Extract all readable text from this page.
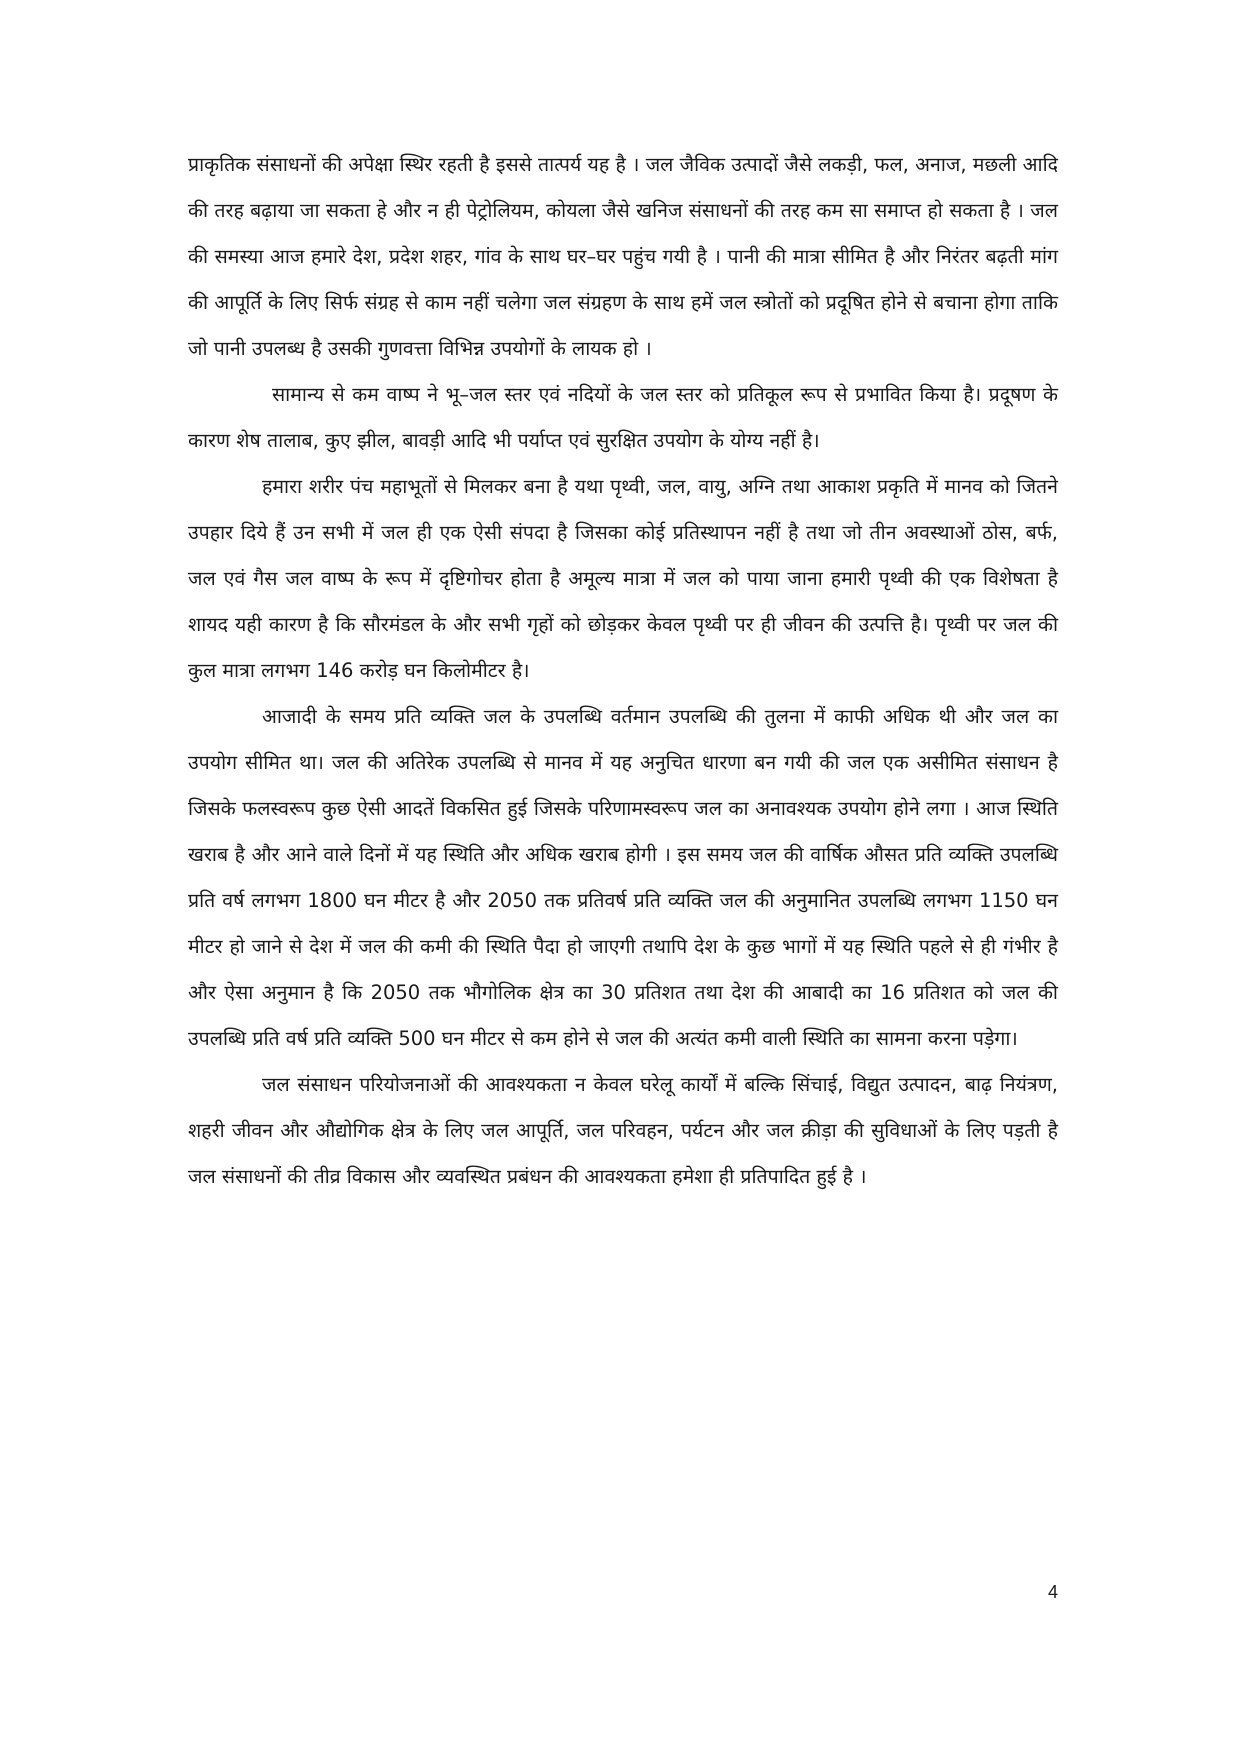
प्राकृतिक संसाधनों की अपेक्षा स्थिर रहती है इससे तात्पर्य यह है । जल जैविक उत्पादों जैसे लकड़ी, फल, अनाज, मछली आदि की तरह बढ़ाया जा सकता हे और न ही पेट्रोलियम, कोयला जैसे खनिज संसाधनों की तरह कम सा समाप्त हो सकता है । जल की समस्या आज हमारे देश, प्रदेश शहर, गांव के साथ घर–घर पहुंच गयी है । पानी की मात्रा सीमित है और निरंतर बढ़ती मांग की आपूर्ति के लिए सिर्फ संग्रह से काम नहीं चलेगा जल संग्रहण के साथ हमें जल स्त्रोतों को प्रदूषित होने से बचाना होगा ताकि जो पानी उपलब्ध है उसकी गुणवत्ता विभिन्न उपयोगों के लायक हो ।

सामान्य से कम वाष्प ने भू–जल स्तर एवं नदियों के जल स्तर को प्रतिकूल रूप से प्रभावित किया है। प्रदूषण के कारण शेष तालाब, कुए झील, बावड़ी आदि भी पर्याप्त एवं सुरक्षित उपयोग के योग्य नहीं है।

हमारा शरीर पंच महाभूतों से मिलकर बना है यथा पृथ्वी, जल, वायु, अग्नि तथा आकाश प्रकृति में मानव को जितने उपहार दिये हैं उन सभी में जल ही एक ऐसी संपदा है जिसका कोई प्रतिस्थापन नहीं है तथा जो तीन अवस्थाओं ठोस, बर्फ, जल एवं गैस जल वाष्प के रूप में दृष्टिगोचर होता है अमूल्य मात्रा में जल को पाया जाना हमारी पृथ्वी की एक विशेषता है शायद यही कारण है कि सौरमंडल के और सभी गृहों को छोड़कर केवल पृथ्वी पर ही जीवन की उत्पत्ति है। पृथ्वी पर जल की कुल मात्रा लगभग 146 करोड़ घन किलोमीटर है।

आजादी के समय प्रति व्यक्ति जल के उपलब्धि वर्तमान उपलब्धि की तुलना में काफी अधिक थी और जल का उपयोग सीमित था। जल की अतिरेक उपलब्धि से मानव में यह अनुचित धारणा बन गयी की जल एक असीमित संसाधन है जिसके फलस्वरूप कुछ ऐसी आदतें विकसित हुई जिसके परिणामस्वरूप जल का अनावश्यक उपयोग होने लगा । आज स्थिति खराब है और आने वाले दिनों में यह स्थिति और अधिक खराब होगी । इस समय जल की वार्षिक औसत प्रति व्यक्ति उपलब्धि प्रति वर्ष लगभग 1800 घन मीटर है और 2050 तक प्रतिवर्ष प्रति व्यक्ति जल की अनुमानित उपलब्धि लगभग 1150 घन मीटर हो जाने से देश में जल की कमी की स्थिति पैदा हो जाएगी तथापि देश के कुछ भागों में यह स्थिति पहले से ही गंभीर है और ऐसा अनुमान है कि 2050 तक भौगोलिक क्षेत्र का 30 प्रतिशत तथा देश की आबादी का 16 प्रतिशत को जल की उपलब्धि प्रति वर्ष प्रति व्यक्ति 500 घन मीटर से कम होने से जल की अत्यंत कमी वाली स्थिति का सामना करना पड़ेगा।

जल संसाधन परियोजनाओं की आवश्यकता न केवल घरेलू कार्यों में बल्कि सिंचाई, विद्युत उत्पादन, बाढ़ नियंत्रण, शहरी जीवन और औद्योगिक क्षेत्र के लिए जल आपूर्ति, जल परिवहन, पर्यटन और जल क्रीड़ा की सुविधाओं के लिए पड़ती है जल संसाधनों की तीव्र विकास और व्यवस्थित प्रबंधन की आवश्यकता हमेशा ही प्रतिपादित हुई है ।

4
